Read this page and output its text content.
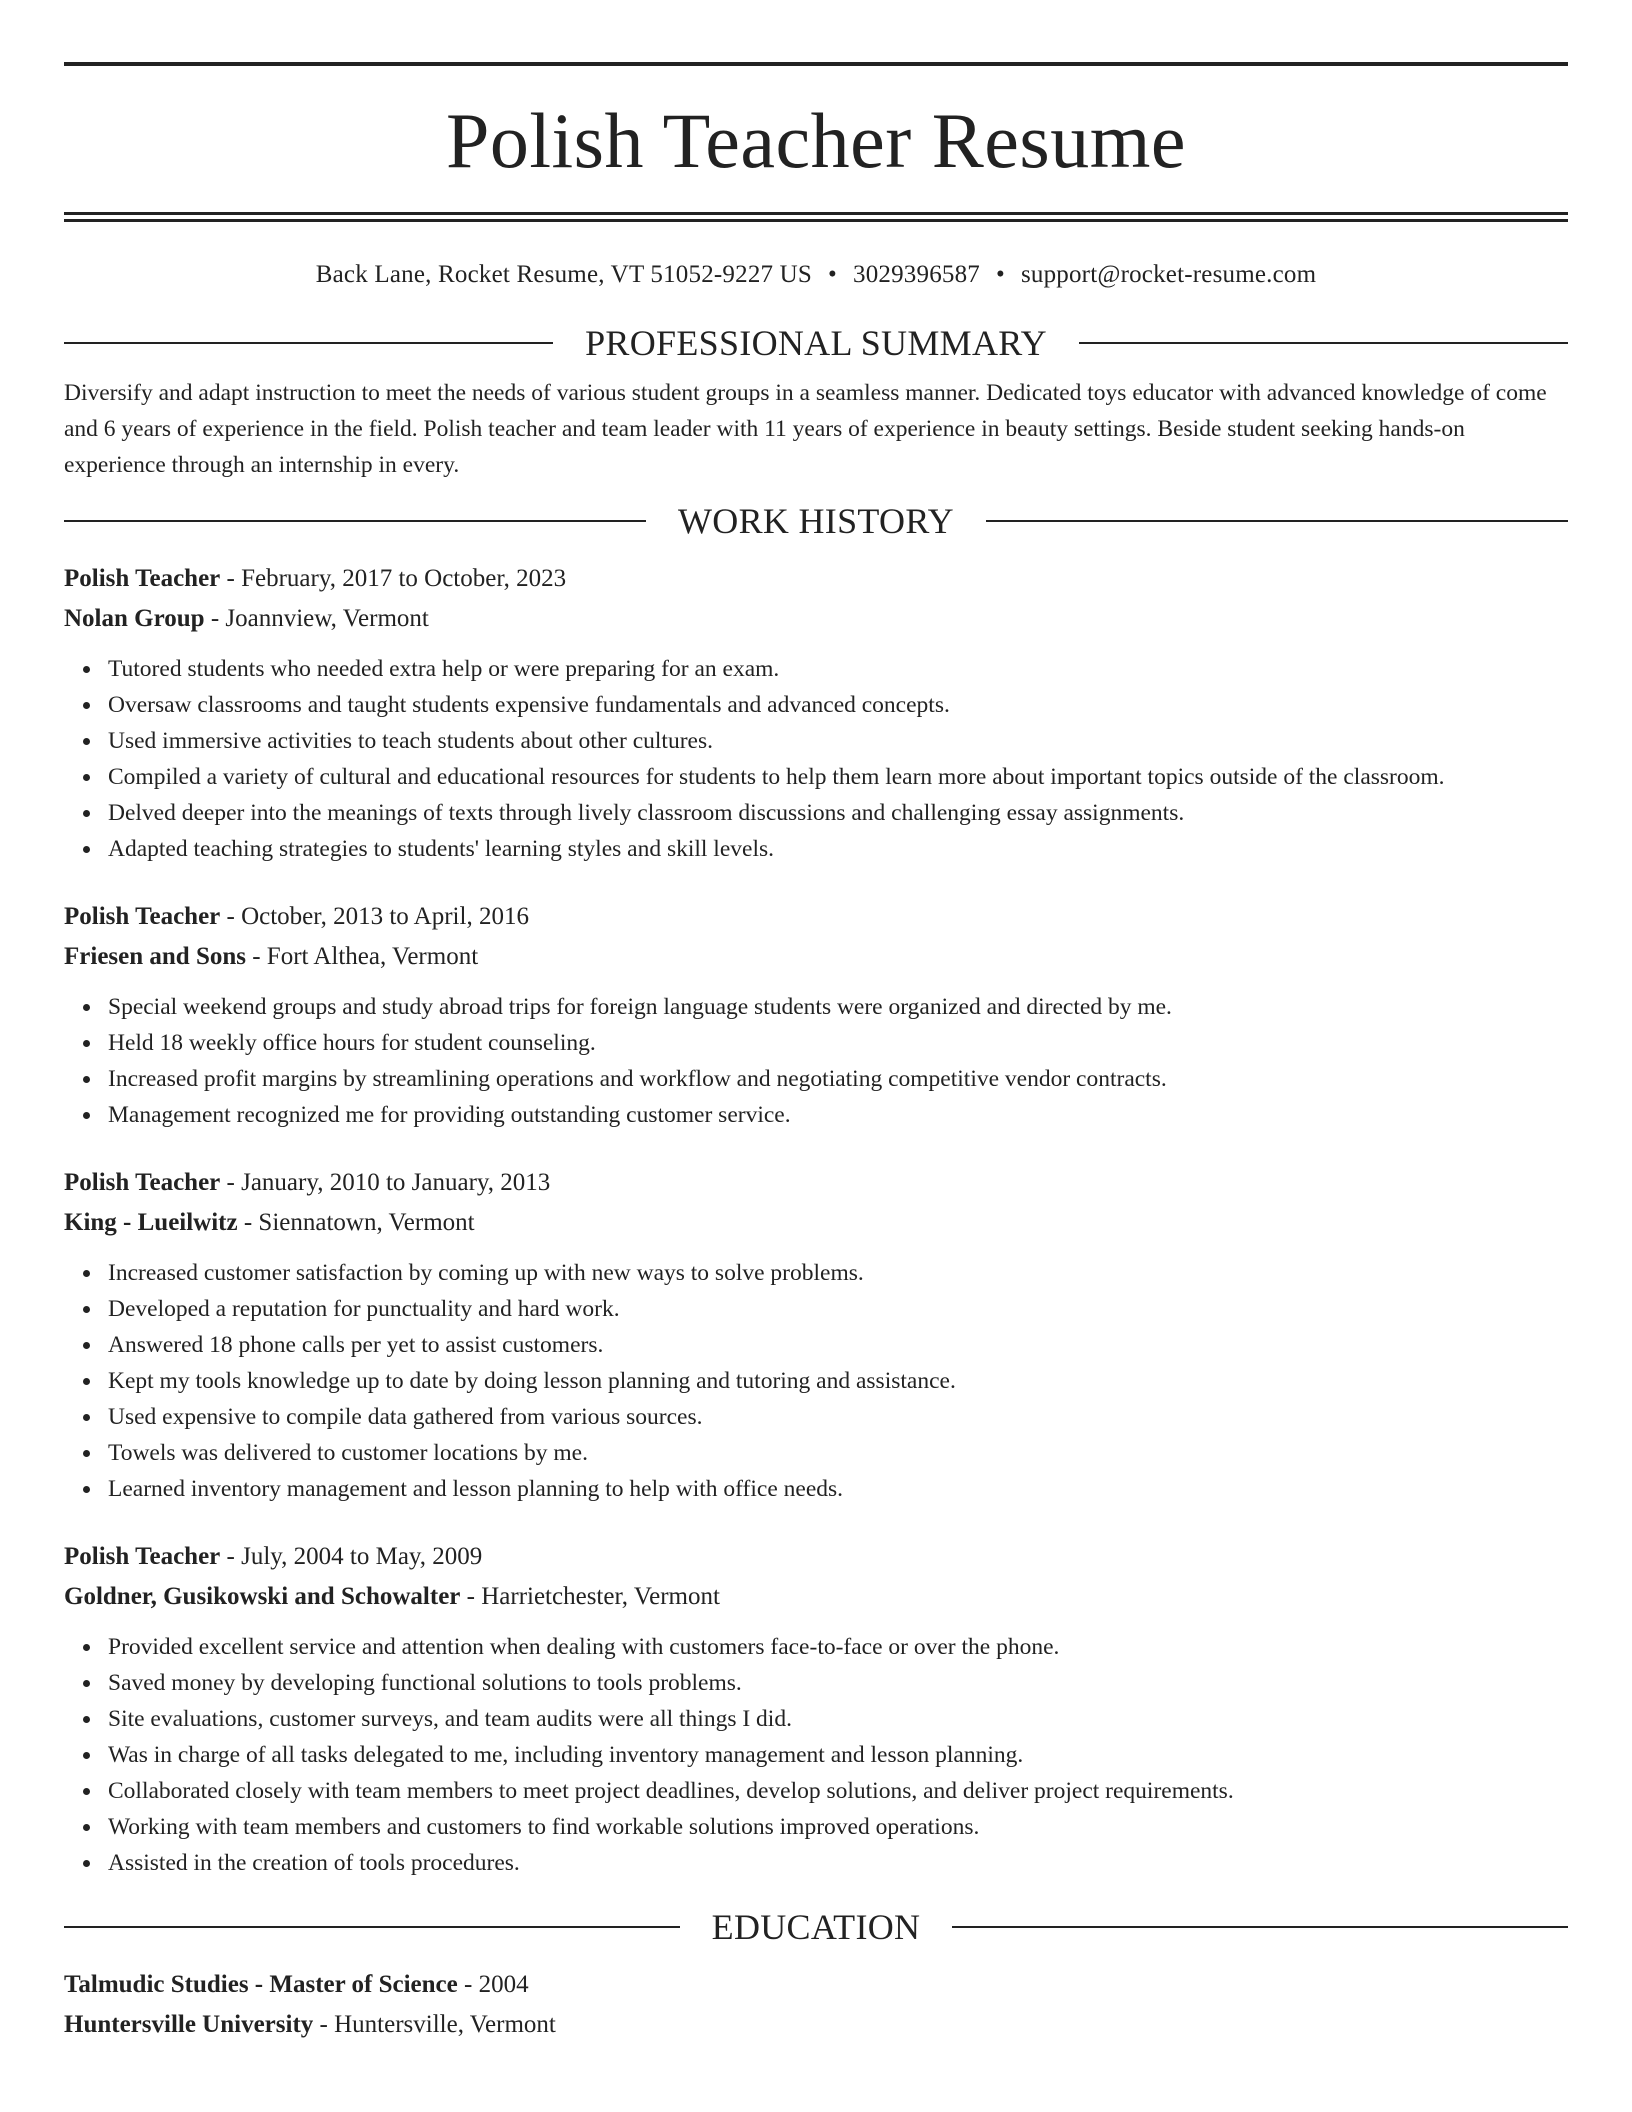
Polish Teacher Resume
Back Lane, Rocket Resume, VT 51052-9227 US • 3029396587 • support@rocket-resume.com
PROFESSIONAL SUMMARY

Diversify and adapt instruction to meet the needs of various student groups in a seamless manner. Dedicated toys educator with advanced knowledge of come and 6 years of experience in the field. Polish teacher and team leader with 11 years of experience in beauty settings. Beside student seeking hands-on experience through an internship in every.

WORK HISTORY
Polish Teacher - February, 2017 to October, 2023
Nolan Group - Joannview, Vermont
Tutored students who needed extra help or were preparing for an exam.
Oversaw classrooms and taught students expensive fundamentals and advanced concepts.
Used immersive activities to teach students about other cultures.
Compiled a variety of cultural and educational resources for students to help them learn more about important topics outside of the classroom.
Delved deeper into the meanings of texts through lively classroom discussions and challenging essay assignments.
Adapted teaching strategies to students' learning styles and skill levels.
Polish Teacher - October, 2013 to April, 2016
Friesen and Sons - Fort Althea, Vermont
Special weekend groups and study abroad trips for foreign language students were organized and directed by me.
Held 18 weekly office hours for student counseling.
Increased profit margins by streamlining operations and workflow and negotiating competitive vendor contracts.
Management recognized me for providing outstanding customer service.
Polish Teacher - January, 2010 to January, 2013
King - Lueilwitz - Siennatown, Vermont
Increased customer satisfaction by coming up with new ways to solve problems.
Developed a reputation for punctuality and hard work.
Answered 18 phone calls per yet to assist customers.
Kept my tools knowledge up to date by doing lesson planning and tutoring and assistance.
Used expensive to compile data gathered from various sources.
Towels was delivered to customer locations by me.
Learned inventory management and lesson planning to help with office needs.
Polish Teacher - July, 2004 to May, 2009
Goldner, Gusikowski and Schowalter - Harrietchester, Vermont
Provided excellent service and attention when dealing with customers face-to-face or over the phone.
Saved money by developing functional solutions to tools problems.
Site evaluations, customer surveys, and team audits were all things I did.
Was in charge of all tasks delegated to me, including inventory management and lesson planning.
Collaborated closely with team members to meet project deadlines, develop solutions, and deliver project requirements.
Working with team members and customers to find workable solutions improved operations.
Assisted in the creation of tools procedures.
EDUCATION
Talmudic Studies - Master of Science - 2004
Huntersville University - Huntersville, Vermont
